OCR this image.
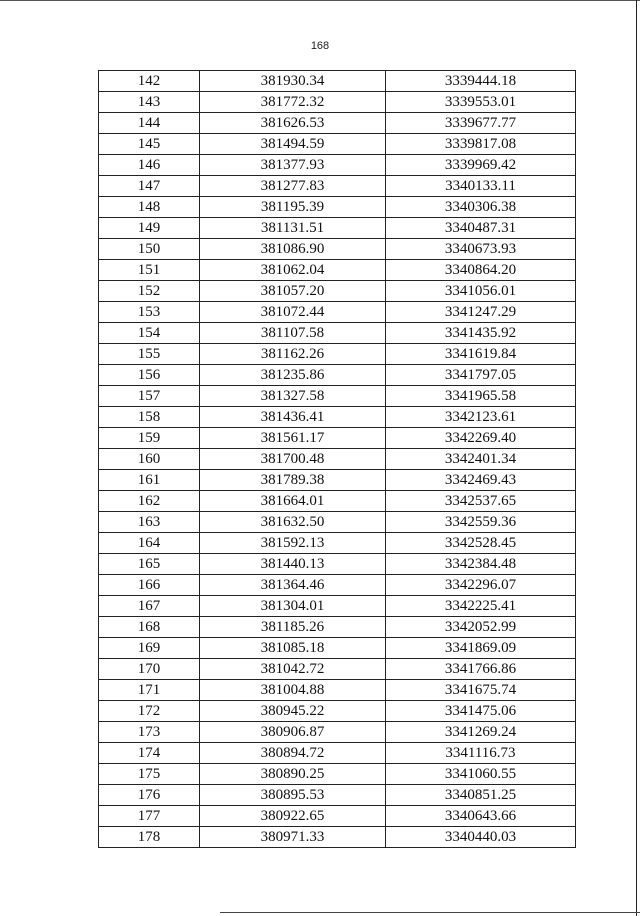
168
142	381930.34	3339444.18
143	381772.32	3339553.01
144	381626.53	3339677.77
145	381494.59	3339817.08
146	381377.93	3339969.42
147	381277.83	3340133.11
148	381195.39	3340306.38
149	381131.51	3340487.31
150	381086.90	3340673.93
151	381062.04	3340864.20
152	381057.20	3341056.01
153	381072.44	3341247.29
154	381107.58	3341435.92
155	381162.26	3341619.84
156	381235.86	3341797.05
157	381327.58	3341965.58
158	381436.41	3342123.61
159	381561.17	3342269.40
160	381700.48	3342401.34
161	381789.38	3342469.43
162	381664.01	3342537.65
163	381632.50	3342559.36
164	381592.13	3342528.45
165	381440.13	3342384.48
166	381364.46	3342296.07
167	381304.01	3342225.41
168	381185.26	3342052.99
169	381085.18	3341869.09
170	381042.72	3341766.86
171	381004.88	3341675.74
172	380945.22	3341475.06
173	380906.87	3341269.24
174	380894.72	3341116.73
175	380890.25	3341060.55
176	380895.53	3340851.25
177	380922.65	3340643.66
178	380971.33	3340440.03
